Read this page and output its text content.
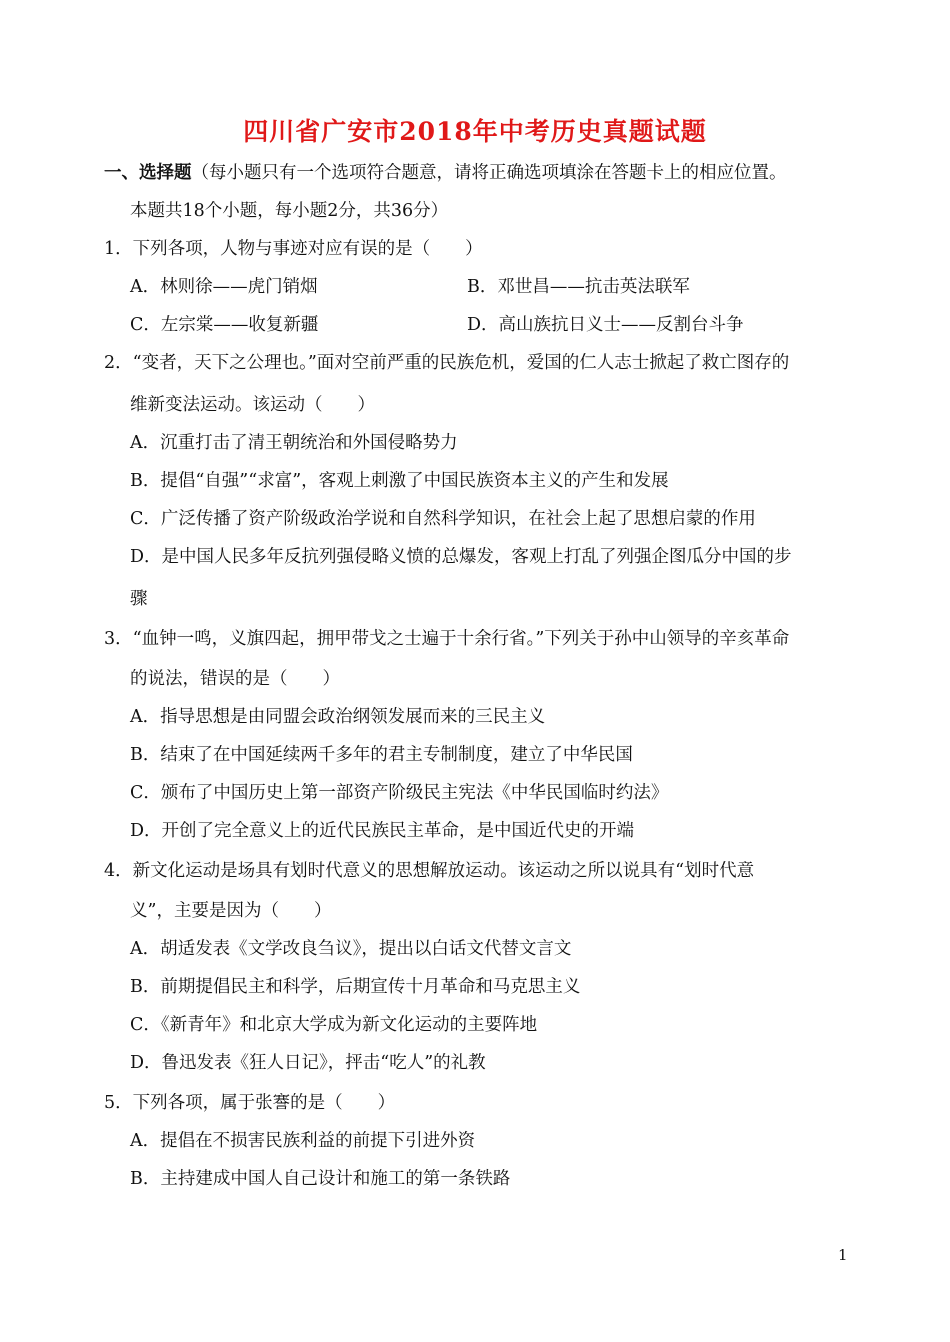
四川省广安市2018年中考历史真题试题
一、选择题（每小题只有一个选项符合题意，请将正确选项填涂在答题卡上的相应位置。
本题共18个小题，每小题2分，共36分）
1．下列各项，人物与事迹对应有误的是（　　）
A．林则徐——虎门销烟	B．邓世昌——抗击英法联军
C．左宗棠——收复新疆	D．高山族抗日义士——反割台斗争
2．“变者，天下之公理也。”面对空前严重的民族危机，爱国的仁人志士掀起了救亡图存的
维新变法运动。该运动（　　）
A．沉重打击了清王朝统治和外国侵略势力
B．提倡“自强”“求富”，客观上刺激了中国民族资本主义的产生和发展
C．广泛传播了资产阶级政治学说和自然科学知识，在社会上起了思想启蒙的作用
D．是中国人民多年反抗列强侵略义愤的总爆发，客观上打乱了列强企图瓜分中国的步
骤
3．“血钟一鸣，义旗四起，拥甲带戈之士遍于十余行省。”下列关于孙中山领导的辛亥革命
的说法，错误的是（　　）
A．指导思想是由同盟会政治纲领发展而来的三民主义
B．结束了在中国延续两千多年的君主专制制度，建立了中华民国
C．颁布了中国历史上第一部资产阶级民主宪法《中华民国临时约法》
D．开创了完全意义上的近代民族民主革命，是中国近代史的开端
4．新文化运动是场具有划时代意义的思想解放运动。该运动之所以说具有“划时代意
义”，主要是因为（　　）
A．胡适发表《文学改良刍议》，提出以白话文代替文言文
B．前期提倡民主和科学，后期宣传十月革命和马克思主义
C．《新青年》和北京大学成为新文化运动的主要阵地
D．鲁迅发表《狂人日记》，抨击“吃人”的礼教
5．下列各项，属于张謇的是（　　）
A．提倡在不损害民族利益的前提下引进外资
B．主持建成中国人自己设计和施工的第一条铁路
1
